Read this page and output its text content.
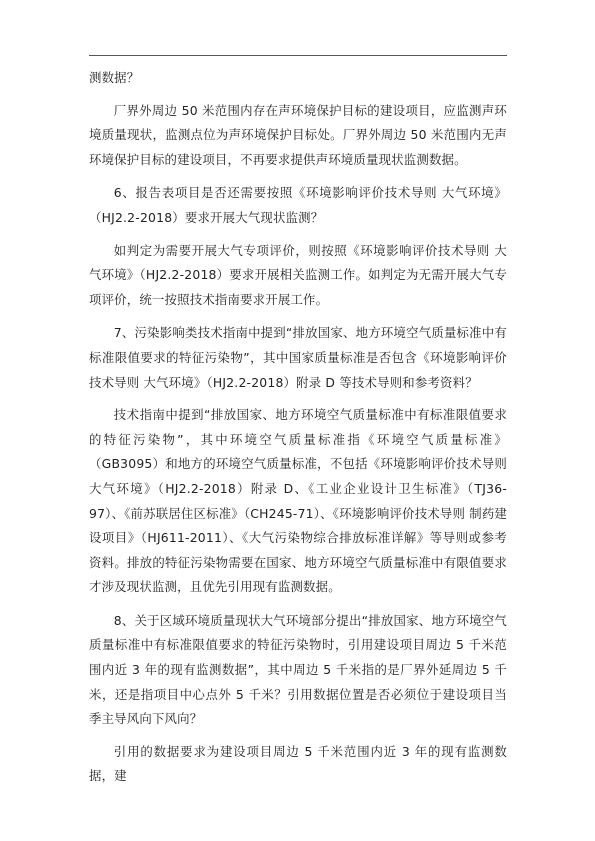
测数据？

厂界外周边 50 米范围内存在声环境保护目标的建设项目，应监测声环境质量现状，监测点位为声环境保护目标处。厂界外周边 50 米范围内无声环境保护目标的建设项目，不再要求提供声环境质量现状监测数据。

6、报告表项目是否还需要按照《环境影响评价技术导则 大气环境》（HJ2.2-2018）要求开展大气现状监测？

如判定为需要开展大气专项评价，则按照《环境影响评价技术导则 大气环境》（HJ2.2-2018）要求开展相关监测工作。如判定为无需开展大气专项评价，统一按照技术指南要求开展工作。

7、污染影响类技术指南中提到“排放国家、地方环境空气质量标准中有标准限值要求的特征污染物”，其中国家质量标准是否包含《环境影响评价技术导则 大气环境》（HJ2.2-2018）附录 D 等技术导则和参考资料？

技术指南中提到“排放国家、地方环境空气质量标准中有标准限值要求的特征污染物”，其中环境空气质量标准指《环境空气质量标准》（GB3095）和地方的环境空气质量标准，不包括《环境影响评价技术导则 大气环境》（HJ2.2-2018）附录 D、《工业企业设计卫生标准》（TJ36-97）、《前苏联居住区标准》（CH245-71）、《环境影响评价技术导则 制药建设项目》（HJ611-2011）、《大气污染物综合排放标准详解》等导则或参考资料。排放的特征污染物需要在国家、地方环境空气质量标准中有限值要求才涉及现状监测，且优先引用现有监测数据。

8、关于区域环境质量现状大气环境部分提出“排放国家、地方环境空气质量标准中有标准限值要求的特征污染物时，引用建设项目周边 5 千米范围内近 3 年的现有监测数据”，其中周边 5 千米指的是厂界外延周边 5 千米，还是指项目中心点外 5 千米？引用数据位置是否必须位于建设项目当季主导风向下风向？

引用的数据要求为建设项目周边 5 千米范围内近 3 年的现有监测数据，建
